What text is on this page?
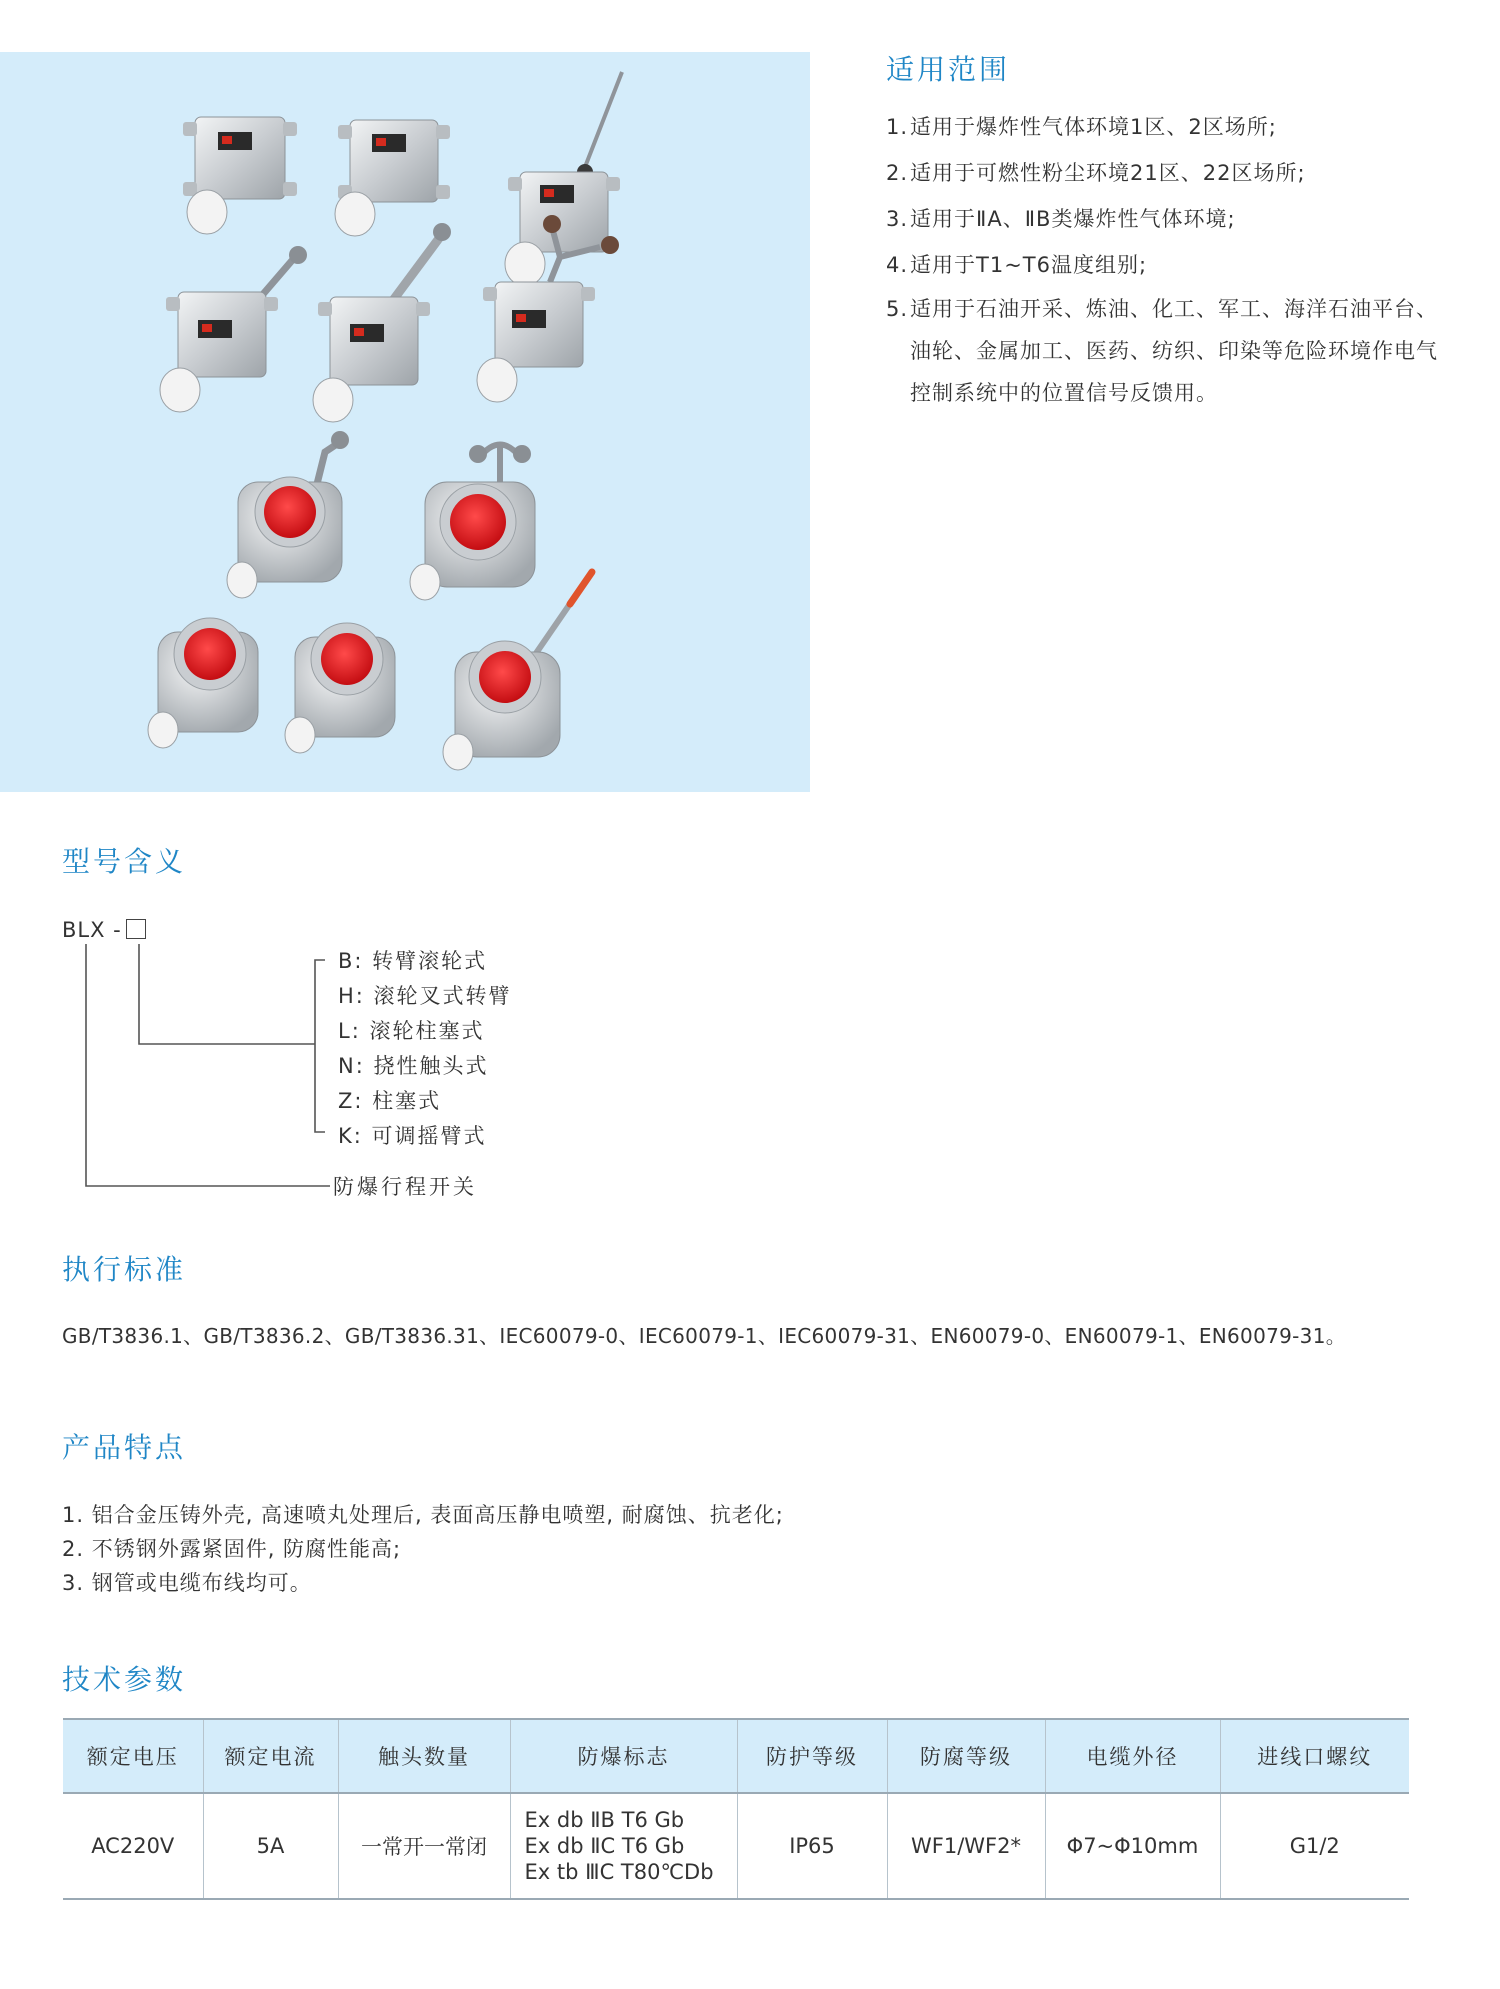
适用范围
1. 适用于爆炸性气体环境1区、2区场所;
2. 适用于可燃性粉尘环境21区、22区场所;
3. 适用于ⅡA、ⅡB类爆炸性气体环境;
4. 适用于T1~T6温度组别;
5. 适用于石油开采、炼油、化工、军工、海洋石油平台、油轮、金属加工、医药、纺织、印染等危险环境作电气控制系统中的位置信号反馈用。
型号含义
BLX -
B: 转臂滚轮式
H: 滚轮叉式转臂
L: 滚轮柱塞式
N: 挠性触头式
Z: 柱塞式
K: 可调摇臂式
防爆行程开关
执行标准
GB/T3836.1、GB/T3836.2、GB/T3836.31、IEC60079-0、IEC60079-1、IEC60079-31、EN60079-0、EN60079-1、EN60079-31。
产品特点
1. 铝合金压铸外壳, 高速喷丸处理后, 表面高压静电喷塑, 耐腐蚀、抗老化;
2. 不锈钢外露紧固件, 防腐性能高;
3. 钢管或电缆布线均可。
技术参数
额定电压	额定电流	触头数量	防爆标志	防护等级	防腐等级	电缆外径	进线口螺纹
AC220V	5A	一常开一常闭	Ex db ⅡB T6 Gb
Ex db ⅡC T6 Gb
Ex tb ⅢC T80℃Db	IP65	WF1/WF2*	Φ7~Φ10mm	G1/2
